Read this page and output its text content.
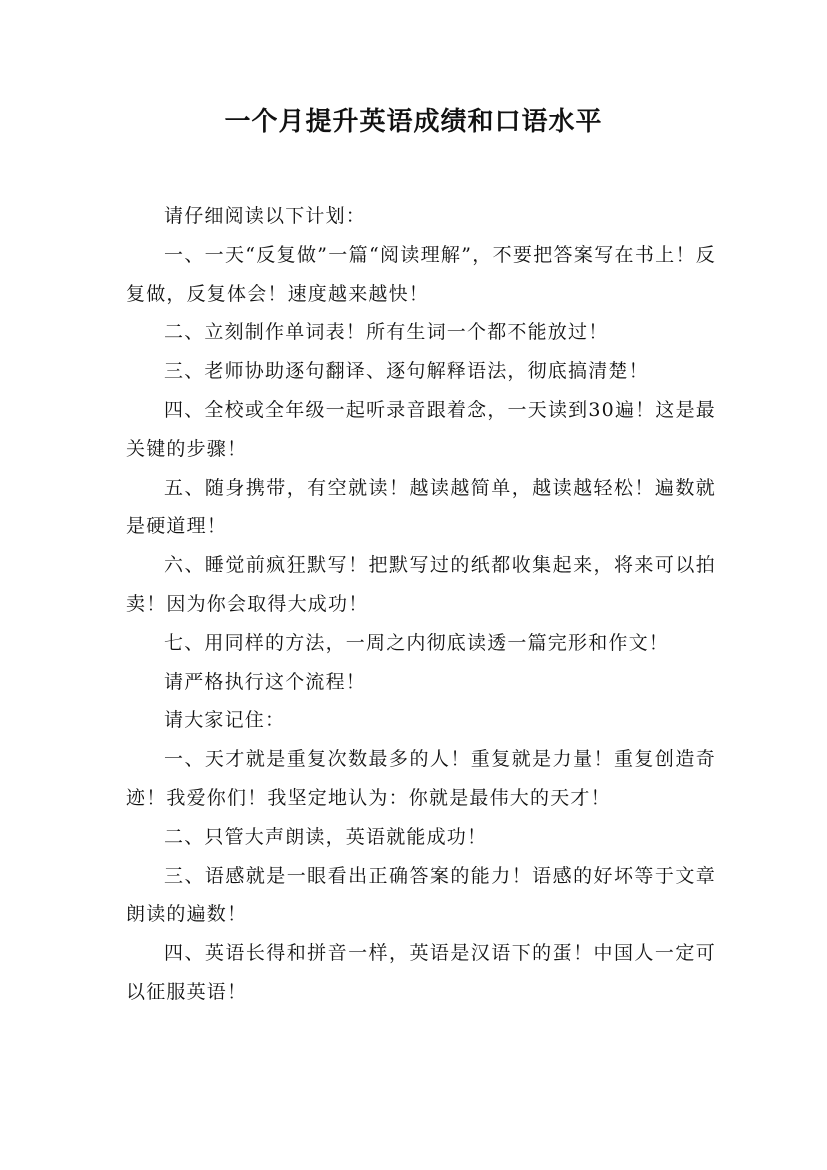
一个月提升英语成绩和口语水平

请仔细阅读以下计划：

一、一天“反复做”一篇“阅读理解”，不要把答案写在书上！反复做，反复体会！速度越来越快！

二、立刻制作单词表！所有生词一个都不能放过！

三、老师协助逐句翻译、逐句解释语法，彻底搞清楚！

四、全校或全年级一起听录音跟着念，一天读到30遍！这是最关键的步骤！

五、随身携带，有空就读！越读越简单，越读越轻松！遍数就是硬道理！

六、睡觉前疯狂默写！把默写过的纸都收集起来，将来可以拍卖！因为你会取得大成功！

七、用同样的方法，一周之内彻底读透一篇完形和作文！

请严格执行这个流程！

请大家记住：

一、天才就是重复次数最多的人！重复就是力量！重复创造奇迹！我爱你们！我坚定地认为：你就是最伟大的天才！

二、只管大声朗读，英语就能成功！

三、语感就是一眼看出正确答案的能力！语感的好坏等于文章朗读的遍数！

四、英语长得和拼音一样，英语是汉语下的蛋！中国人一定可以征服英语！
